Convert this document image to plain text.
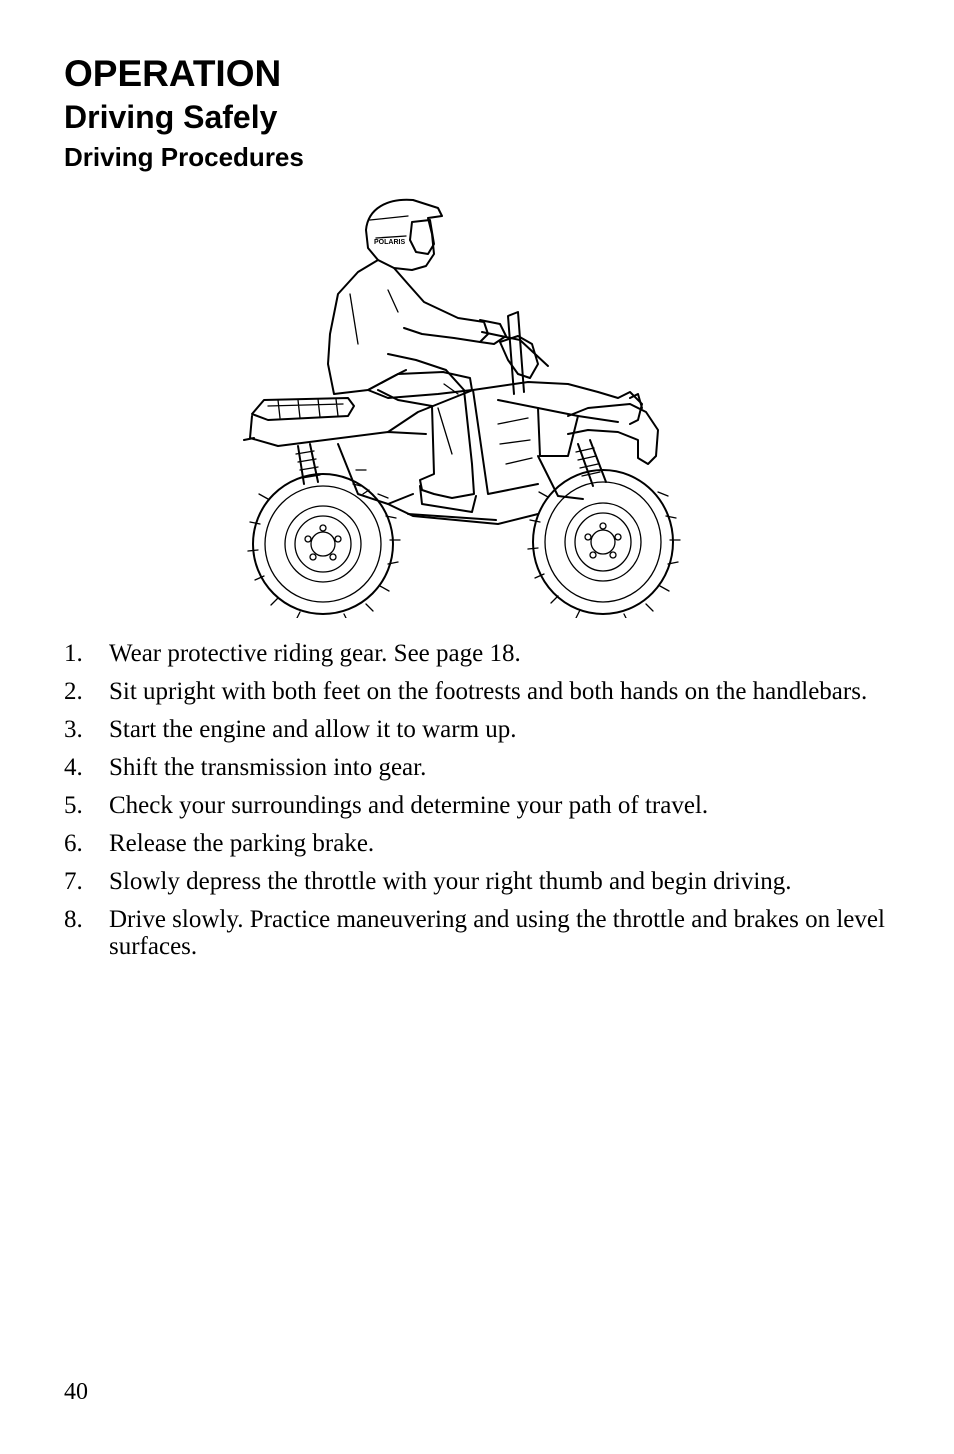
OPERATION
Driving Safely
Driving Procedures
POLARIS
1. Wear protective riding gear. See page 18.
2. Sit upright with both feet on the footrests and both hands on the handlebars.
3. Start the engine and allow it to warm up.
4. Shift the transmission into gear.
5. Check your surroundings and determine your path of travel.
6. Release the parking brake.
7. Slowly depress the throttle with your right thumb and begin driving.
8. Drive slowly. Practice maneuvering and using the throttle and brakes on level surfaces.
40
